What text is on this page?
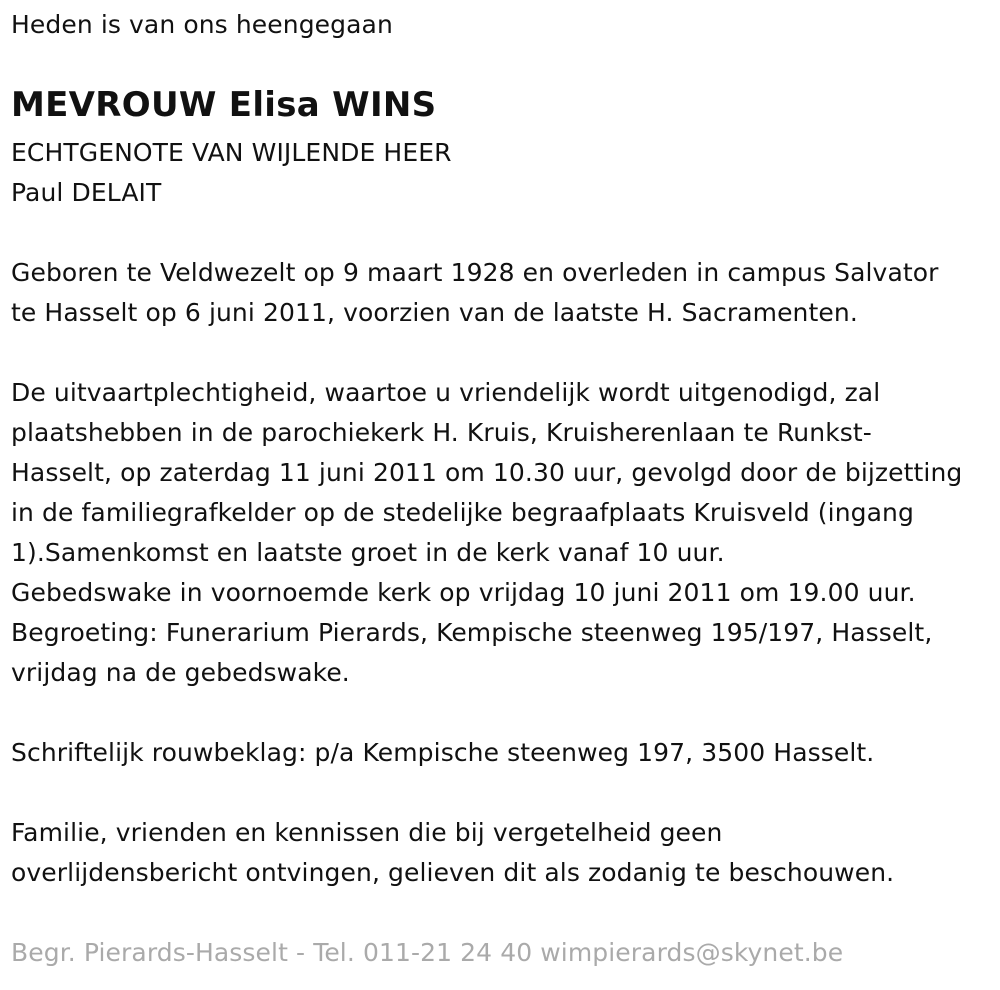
Heden is van ons heengegaan
MEVROUW Elisa WINS
ECHTGENOTE VAN WIJLENDE HEER
Paul DELAIT
Geboren te Veldwezelt op 9 maart 1928 en overleden in campus Salvator
te Hasselt op 6 juni 2011, voorzien van de laatste H. Sacramenten.
De uitvaartplechtigheid, waartoe u vriendelijk wordt uitgenodigd, zal
plaatshebben in de parochiekerk H. Kruis, Kruisherenlaan te Runkst-
Hasselt, op zaterdag 11 juni 2011 om 10.30 uur, gevolgd door de bijzetting
in de familiegrafkelder op de stedelijke begraafplaats Kruisveld (ingang
1).Samenkomst en laatste groet in de kerk vanaf 10 uur.
Gebedswake in voornoemde kerk op vrijdag 10 juni 2011 om 19.00 uur.
Begroeting: Funerarium Pierards, Kempische steenweg 195/197, Hasselt,
vrijdag na de gebedswake.
Schriftelijk rouwbeklag: p/a Kempische steenweg 197, 3500 Hasselt.
Familie, vrienden en kennissen die bij vergetelheid geen
overlijdensbericht ontvingen, gelieven dit als zodanig te beschouwen.
Begr. Pierards-Hasselt - Tel. 011-21 24 40 wimpierards@skynet.be
